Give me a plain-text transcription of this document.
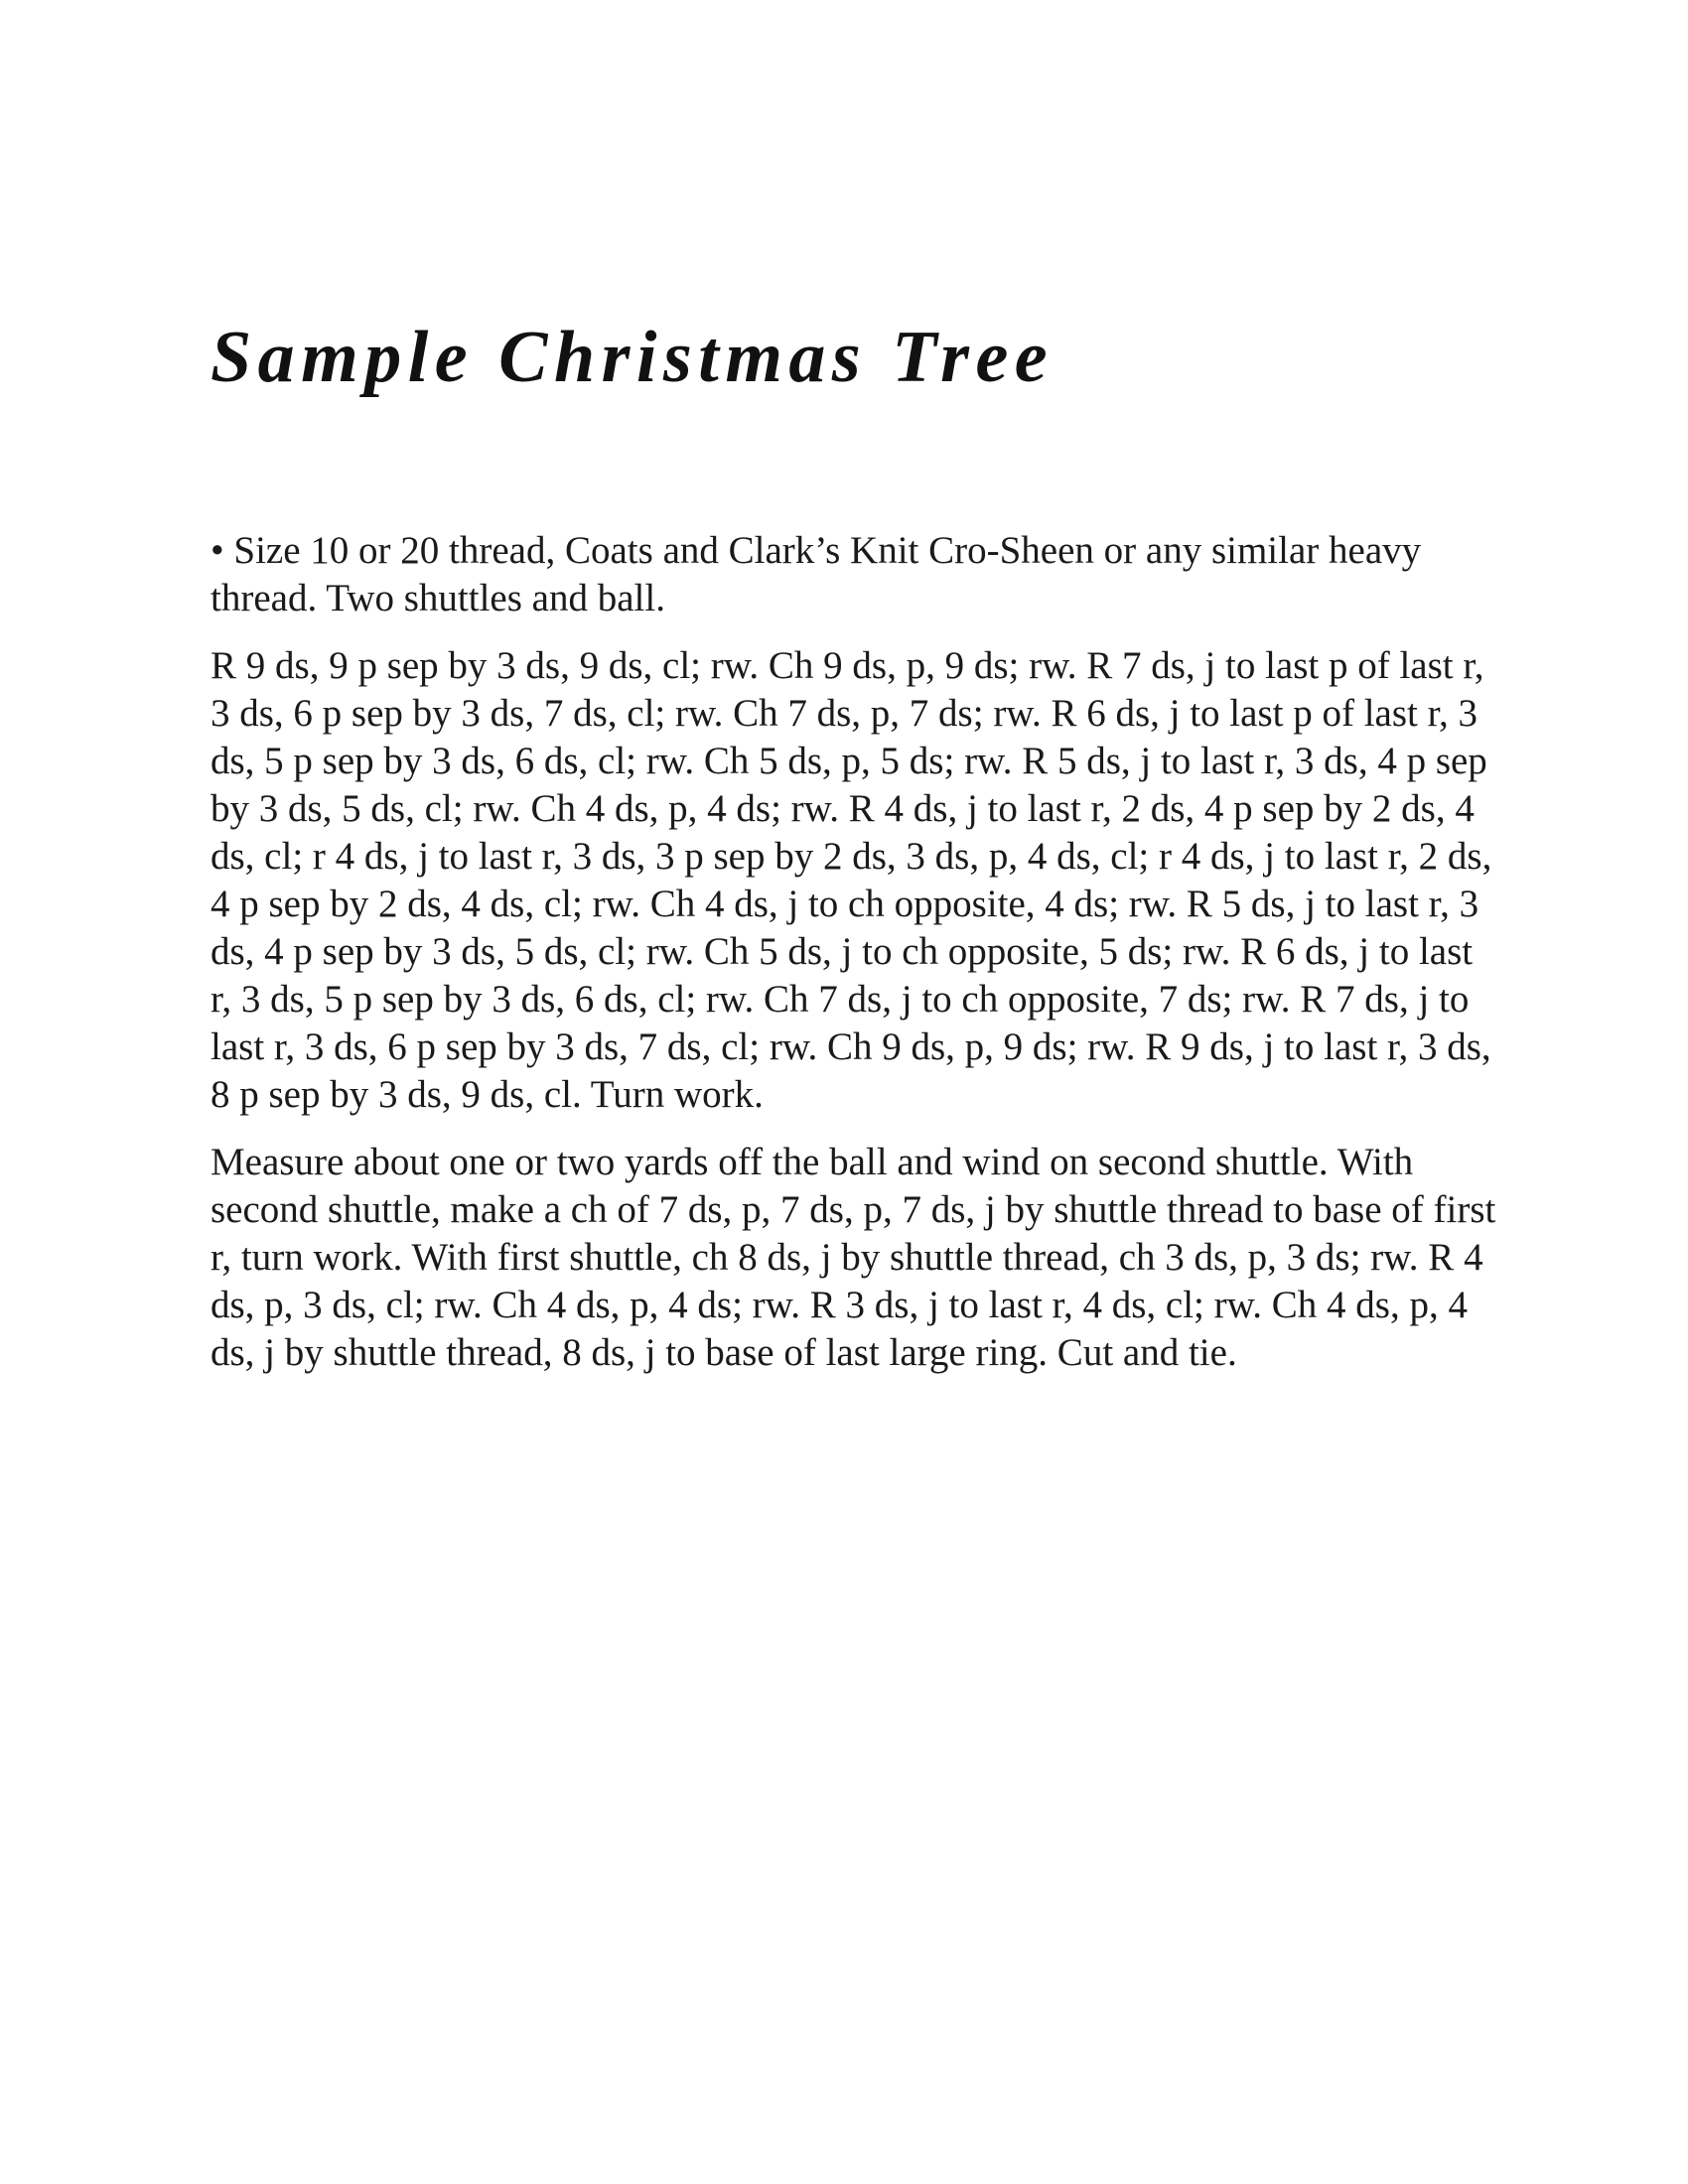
Sample Christmas Tree

• Size 10 or 20 thread, Coats and Clark’s Knit Cro-Sheen or any similar heavy thread. Two shuttles and ball.

R 9 ds, 9 p sep by 3 ds, 9 ds, cl; rw. Ch 9 ds, p, 9 ds; rw. R 7 ds, j to last p of last r, 3 ds, 6 p sep by 3 ds, 7 ds, cl; rw. Ch 7 ds, p, 7 ds; rw. R 6 ds, j to last p of last r, 3 ds, 5 p sep by 3 ds, 6 ds, cl; rw. Ch 5 ds, p, 5 ds; rw. R 5 ds, j to last r, 3 ds, 4 p sep by 3 ds, 5 ds, cl; rw. Ch 4 ds, p, 4 ds; rw. R 4 ds, j to last r, 2 ds, 4 p sep by 2 ds, 4 ds, cl; r 4 ds, j to last r, 3 ds, 3 p sep by 2 ds, 3 ds, p, 4 ds, cl; r 4 ds, j to last r, 2 ds, 4 p sep by 2 ds, 4 ds, cl; rw. Ch 4 ds, j to ch opposite, 4 ds; rw. R 5 ds, j to last r, 3 ds, 4 p sep by 3 ds, 5 ds, cl; rw. Ch 5 ds, j to ch opposite, 5 ds; rw. R 6 ds, j to last r, 3 ds, 5 p sep by 3 ds, 6 ds, cl; rw. Ch 7 ds, j to ch opposite, 7 ds; rw. R 7 ds, j to last r, 3 ds, 6 p sep by 3 ds, 7 ds, cl; rw. Ch 9 ds, p, 9 ds; rw. R 9 ds, j to last r, 3 ds, 8 p sep by 3 ds, 9 ds, cl. Turn work.

Measure about one or two yards off the ball and wind on second shuttle. With second shuttle, make a ch of 7 ds, p, 7 ds, p, 7 ds, j by shuttle thread to base of first r, turn work. With first shuttle, ch 8 ds, j by shuttle thread, ch 3 ds, p, 3 ds; rw. R 4 ds, p, 3 ds, cl; rw. Ch 4 ds, p, 4 ds; rw. R 3 ds, j to last r, 4 ds, cl; rw. Ch 4 ds, p, 4 ds, j by shuttle thread, 8 ds, j to base of last large ring. Cut and tie.
